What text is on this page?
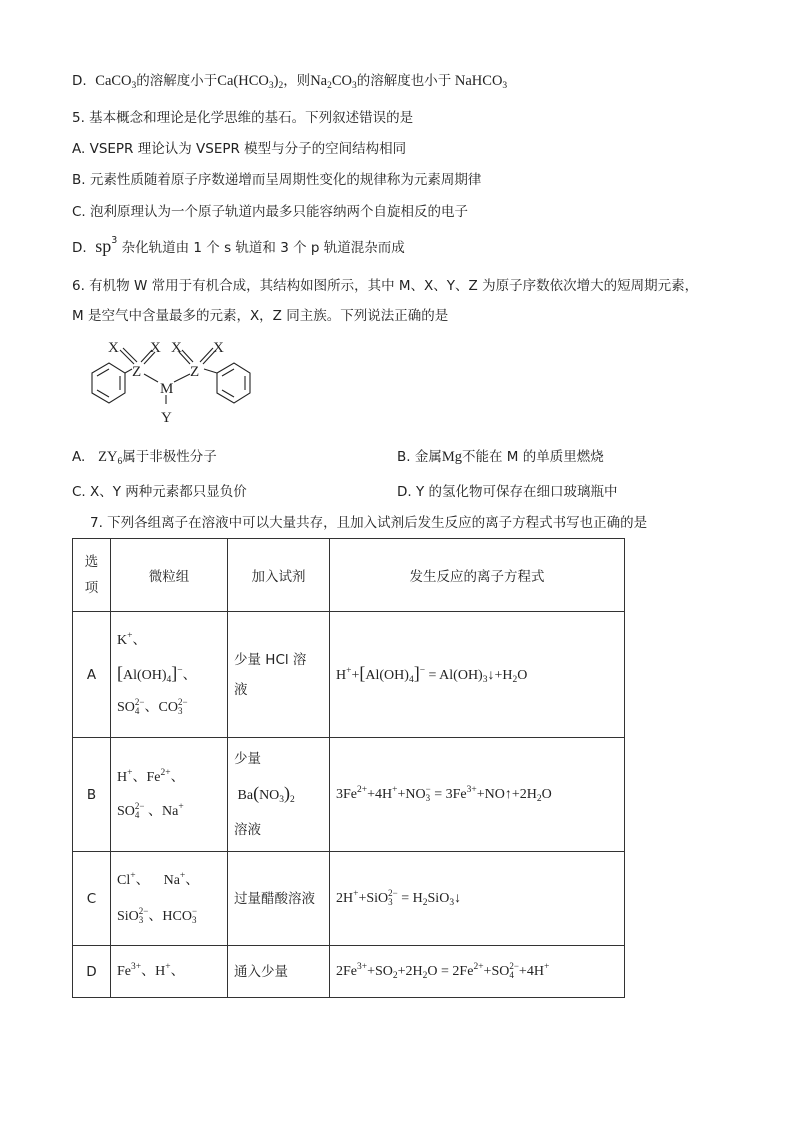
D. CaCO$_3$的溶解度小于$Ca(HCO_3)_2$，则$Na_2CO_3$的溶解度也小于 NaHCO$_3$
5. 基本概念和理论是化学思维的基石。下列叙述错误的是
A. VSEPR 理论认为 VSEPR 模型与分子的空间结构相同
B. 元素性质随着原子序数递增而呈周期性变化的规律称为元素周期律
C. 泡利原理认为一个原子轨道内最多只能容纳两个自旋相反的电子
D. $sp^3$ 杂化轨道由 1 个 s 轨道和 3 个 p 轨道混杂而成
6. 有机物 W 常用于有机合成，其结构如图所示，其中 M、X、Y、Z 为原子序数依次增大的短周期元素，
M 是空气中含量最多的元素，X，Z 同主族。下列说法正确的是
X X X X
Z	Z
M
Y
A. $ZY_6$属于非极性分子	B. 金属Mg不能在 M 的单质里燃烧
C. X、Y 两种元素都只显负价	D. Y 的氢化物可保存在细口玻璃瓶中
7. 下列各组离子在溶液中可以大量共存，且加入试剂后发生反应的离子方程式书写也正确的是
选
项	微粒组	加入试剂	发生反应的离子方程式
A	K+、
$[Al(OH)_4]^-$、
SO2−
4 、CO2−
3	少量 HCl 溶液	$H^++[Al(OH)_4]^-$ = $Al(OH)_3↓+H_2O$

B	H+、$Fe^{2+}$、
SO2−
4 、Na+	少量
$Ba(NO_3)_2$
溶液	$3Fe^{2+}+4H^++NO-$
$3 = 3Fe^{3+}+NO↑+2H_2O$

C	Cl+、    Na+、
SiO2−
3 、HCO−
3	过量醋酸溶液	2H++SiO2−
$3 = H_2SiO_3↓$

D	$Fe^{3+}$、H+、	通入少量	$2Fe^{3+}+SO_2+2H_2O = 2Fe^{2+}+SO2-$
4 +4H+
